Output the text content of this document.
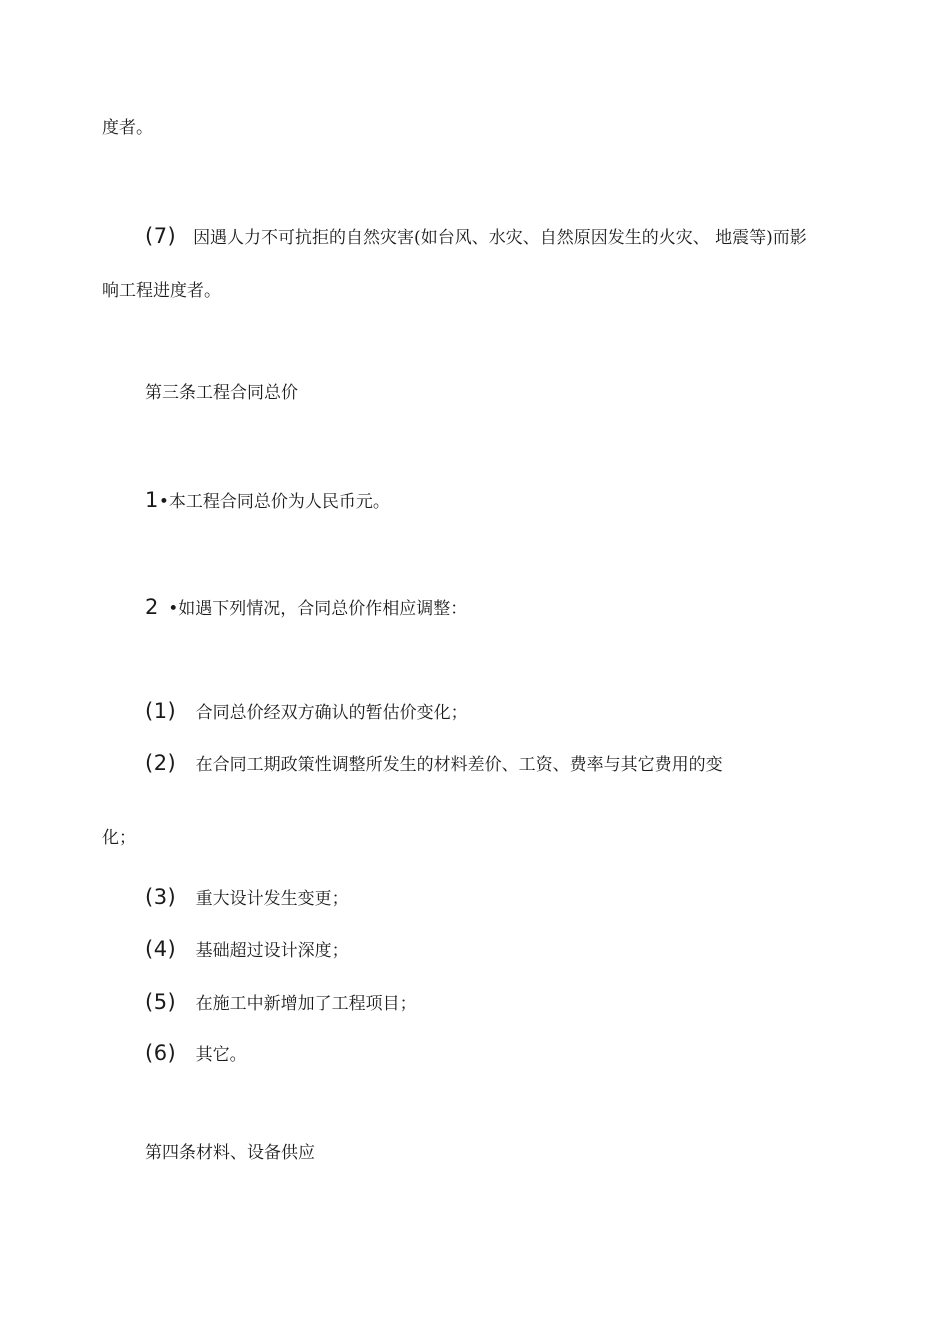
度者。
(7) 因遇人力不可抗拒的自然灾害(如台风、水灾、自然原因发生的火灾、 地震等)而影
响工程进度者。
第三条工程合同总价
1•本工程合同总价为人民币元。
2 •如遇下列情况，合同总价作相应调整：
(1) 合同总价经双方确认的暂估价变化；
(2) 在合同工期政策性调整所发生的材料差价、工资、费率与其它费用的变
化；
(3) 重大设计发生变更；
(4) 基础超过设计深度；
(5) 在施工中新增加了工程项目；
(6) 其它。
第四条材料、设备供应
